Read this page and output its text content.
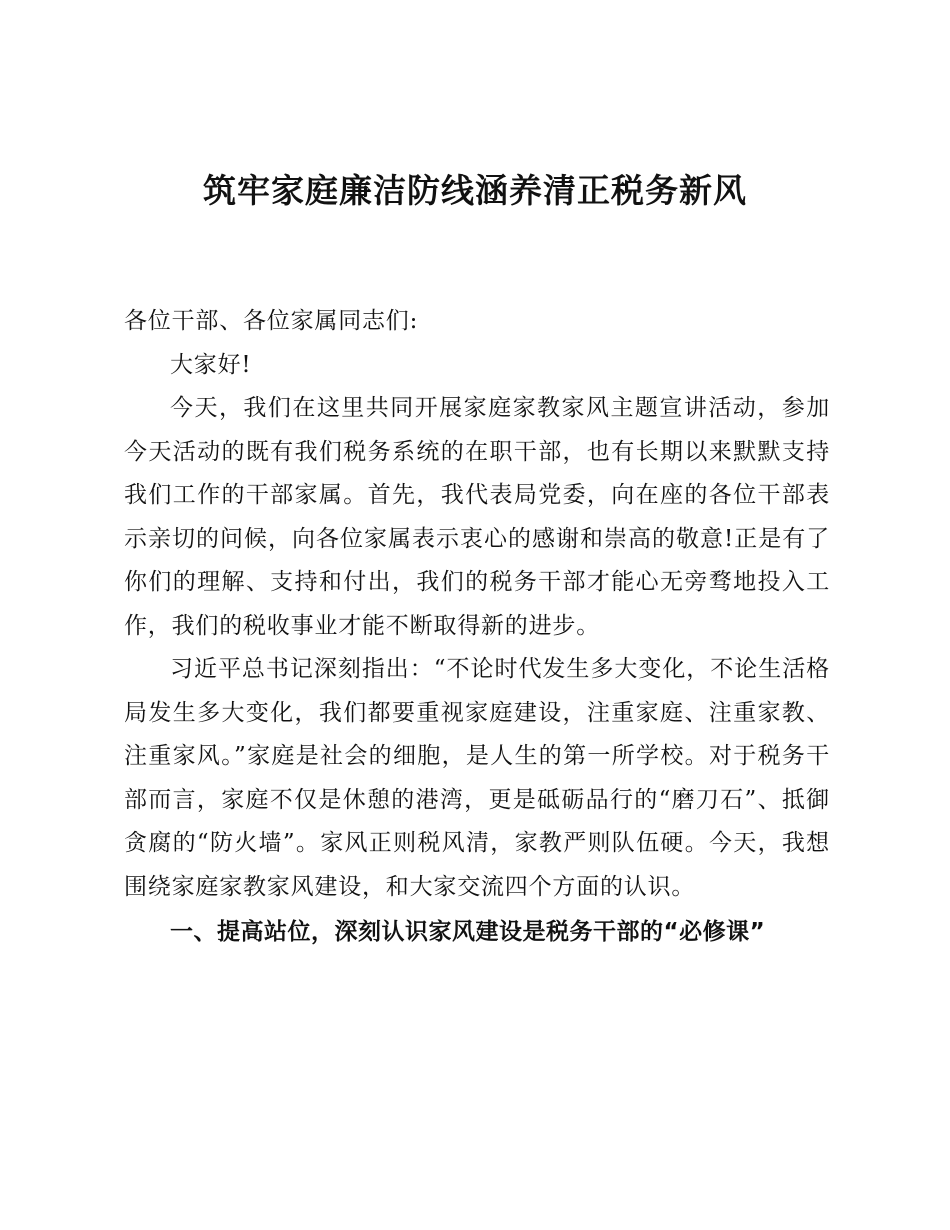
筑牢家庭廉洁防线涵养清正税务新风

各位干部、各位家属同志们:

大家好!

今天，我们在这里共同开展家庭家教家风主题宣讲活动，参加今天活动的既有我们税务系统的在职干部，也有长期以来默默支持我们工作的干部家属。首先，我代表局党委，向在座的各位干部表示亲切的问候，向各位家属表示衷心的感谢和崇高的敬意!正是有了你们的理解、支持和付出，我们的税务干部才能心无旁骛地投入工作，我们的税收事业才能不断取得新的进步。

习近平总书记深刻指出：“不论时代发生多大变化，不论生活格局发生多大变化，我们都要重视家庭建设，注重家庭、注重家教、注重家风。”家庭是社会的细胞，是人生的第一所学校。对于税务干部而言，家庭不仅是休憩的港湾，更是砥砺品行的“磨刀石”、抵御贪腐的“防火墙”。家风正则税风清，家教严则队伍硬。今天，我想围绕家庭家教家风建设，和大家交流四个方面的认识。

一、提高站位，深刻认识家风建设是税务干部的“必修课”
